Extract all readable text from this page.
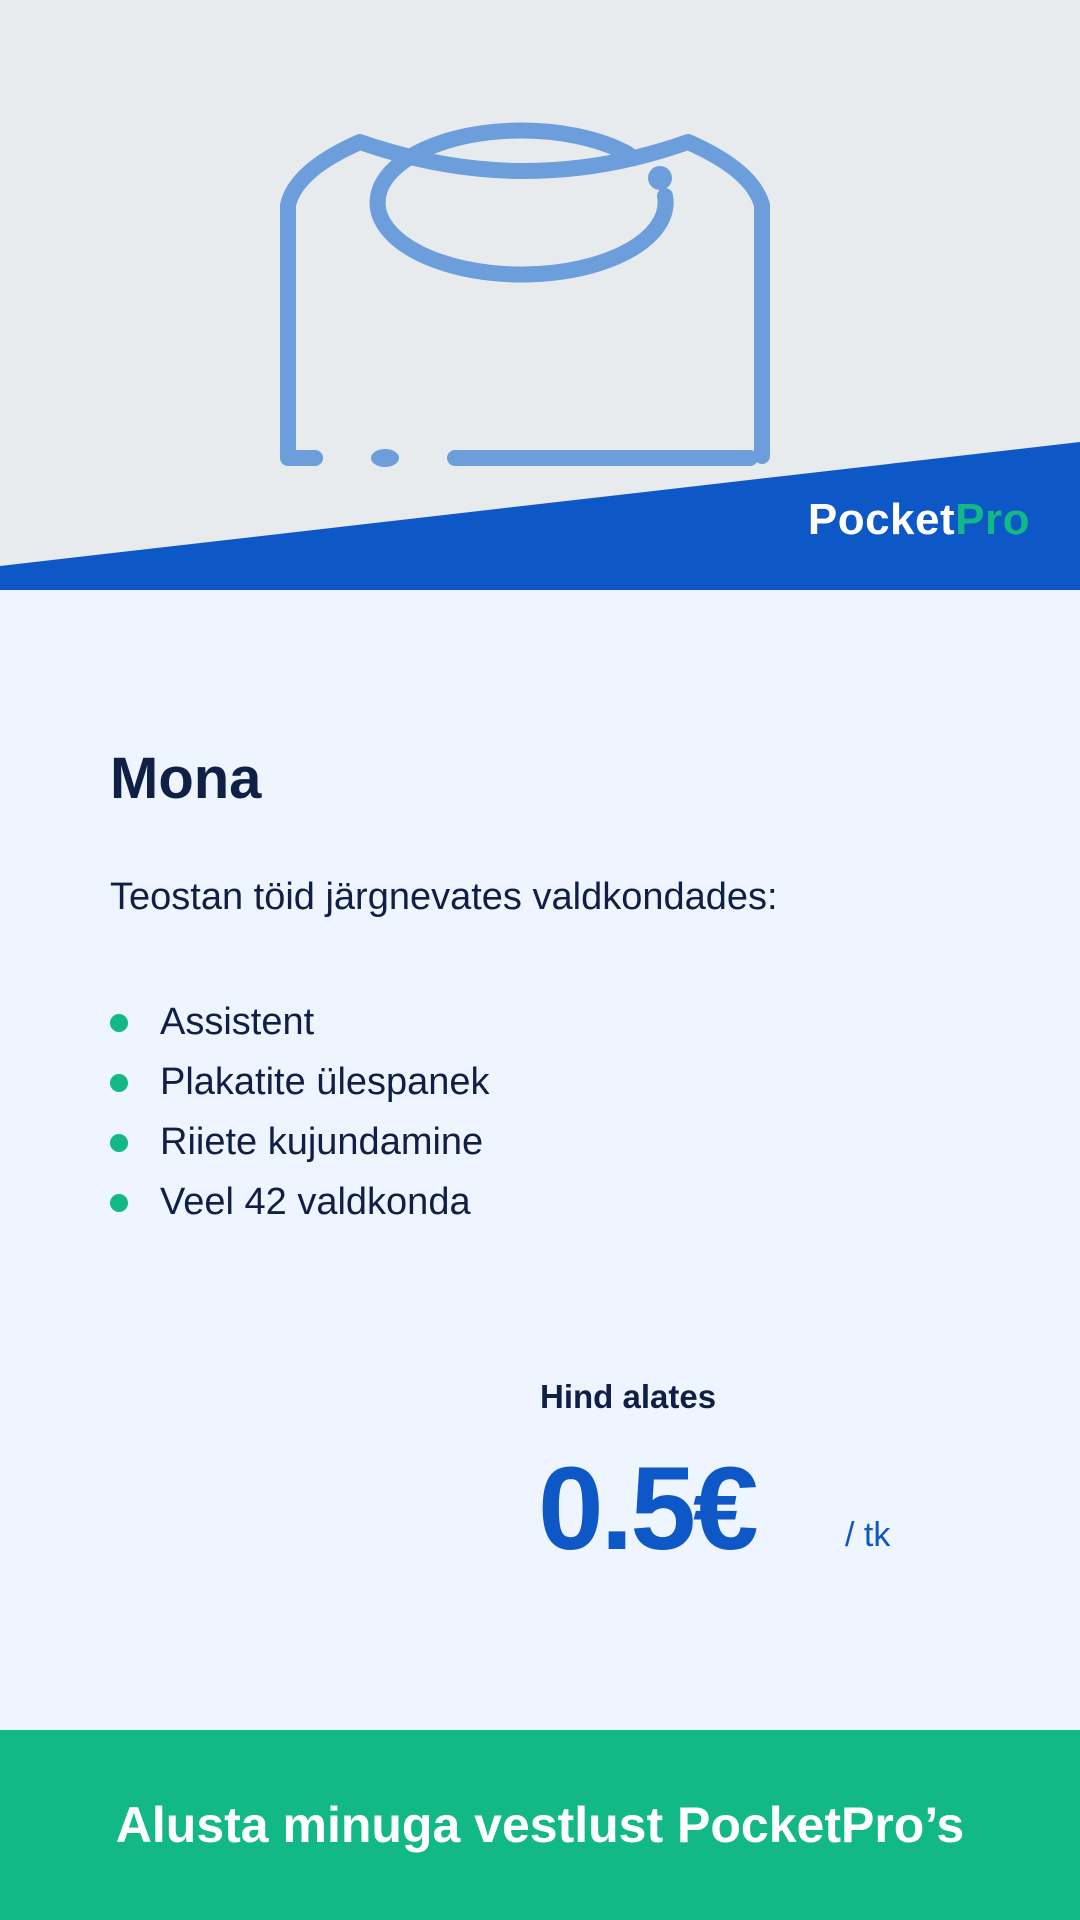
PocketPro
Mona

Teostan töid järgnevates valdkondades:

Assistent
Plakatite ülespanek
Riiete kujundamine
Veel 42 valdkonda
Hind alates
0.5€	/ tk
Alusta minuga vestlust PocketPro’s
